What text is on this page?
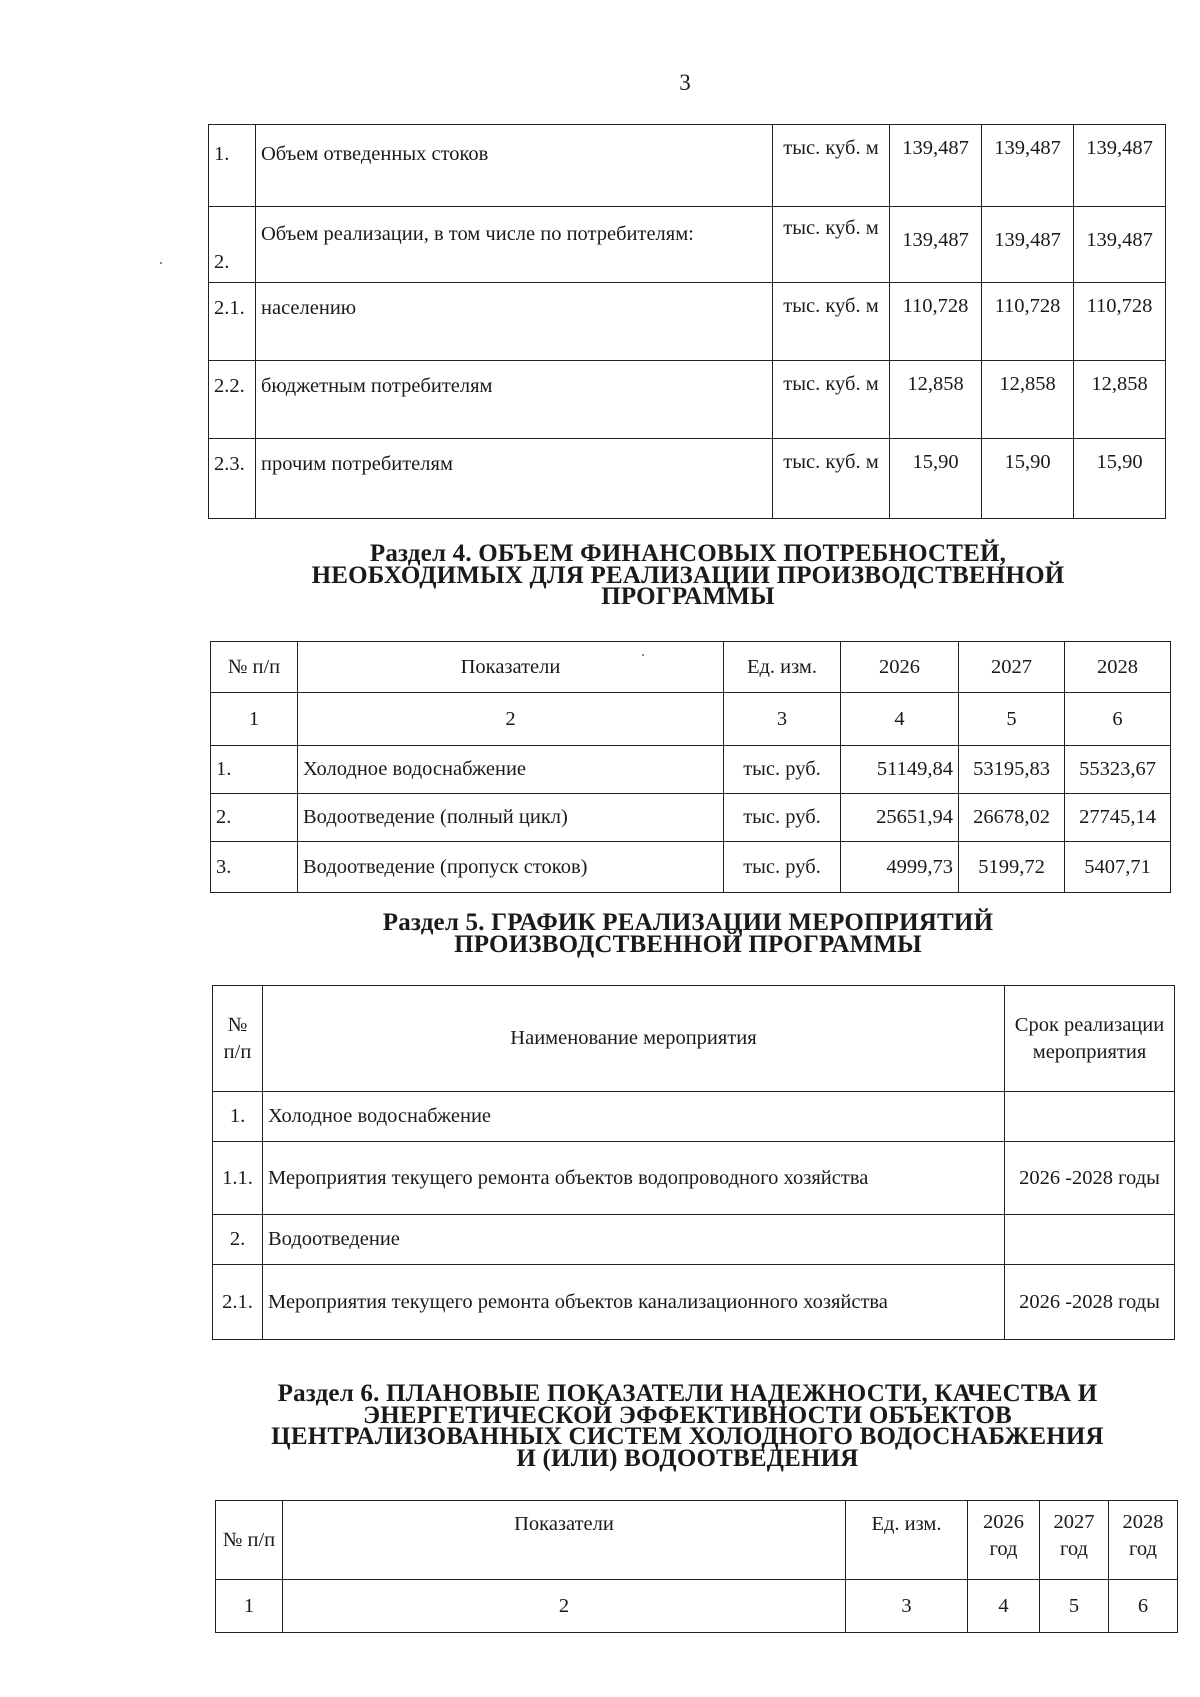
3
1.	Объем отведенных стоков	тыс. куб. м	139,487	139,487	139,487
2.	Объем реализации, в том числе по потребителям:	тыс. куб. м	139,487	139,487	139,487
2.1.	населению	тыс. куб. м	110,728	110,728	110,728
2.2.	бюджетным потребителям	тыс. куб. м	12,858	12,858	12,858
2.3.	прочим потребителям	тыс. куб. м	15,90	15,90	15,90
Раздел 4. ОБЪЕМ ФИНАНСОВЫХ ПОТРЕБНОСТЕЙ,
НЕОБХОДИМЫХ ДЛЯ РЕАЛИЗАЦИИ ПРОИЗВОДСТВЕННОЙ
ПРОГРАММЫ
№ п/п	Показатели	Ед. изм.	2026	2027	2028
1	2	3	4	5	6
1.	Холодное водоснабжение	тыс. руб.	51149,84	53195,83	55323,67
2.	Водоотведение (полный цикл)	тыс. руб.	25651,94	26678,02	27745,14
3.	Водоотведение (пропуск стоков)	тыс. руб.	4999,73	5199,72	5407,71
Раздел 5. ГРАФИК РЕАЛИЗАЦИИ МЕРОПРИЯТИЙ
ПРОИЗВОДСТВЕННОЙ ПРОГРАММЫ
№ п/п	Наименование мероприятия	Срок реализации мероприятия
1.	Холодное водоснабжение	
1.1.	Мероприятия текущего ремонта объектов водопроводного хозяйства	2026 -2028 годы
2.	Водоотведение	
2.1.	Мероприятия текущего ремонта объектов канализационного хозяйства	2026 -2028 годы
Раздел 6. ПЛАНОВЫЕ ПОКАЗАТЕЛИ НАДЕЖНОСТИ, КАЧЕСТВА И
ЭНЕРГЕТИЧЕСКОЙ ЭФФЕКТИВНОСТИ ОБЪЕКТОВ
ЦЕНТРАЛИЗОВАННЫХ СИСТЕМ ХОЛОДНОГО ВОДОСНАБЖЕНИЯ
И (ИЛИ) ВОДООТВЕДЕНИЯ
№ п/п	Показатели	Ед. изм.	2026 год	2027 год	2028 год
1	2	3	4	5	6
